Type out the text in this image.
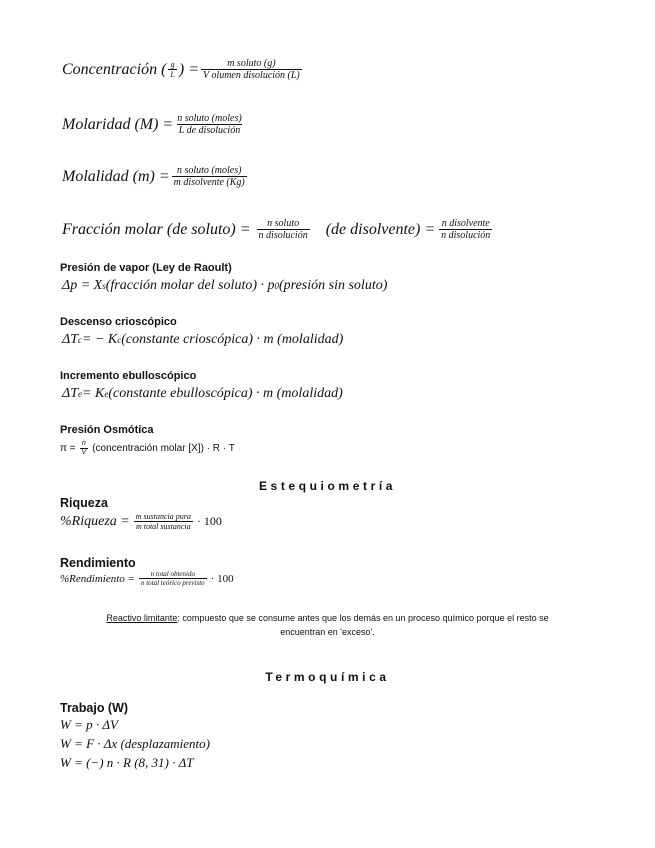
Concentración ( $\frac{g}{L}$ ) = $\frac{\text{m soluto (g)}}{\text{V olumen disolución (L)}}$
Molaridad $(M) = \frac{\text{n soluto (moles)}}{\text{L de disolución}}$
Molalidad $(m) = \frac{\text{n soluto (moles)}}{\text{m disolvente (Kg)}}$
Fracción molar (de soluto) = $\frac{\text{n soluto}}{\text{n disolución}} (de$ disolvente) = $\frac{\text{n disolvente}}{\text{n disolución}}$
Presión de vapor (Ley de Raoult)
Δp = X s (fracción molar del soluto) · p 0 (presión sin soluto)
Descenso crioscópico
ΔT c = − K c (constante crioscópica) · m (molalidad)
Incremento ebulloscópico
ΔT e = K e (constante ebulloscópica) · m (molalidad)
Presión Osmótica
$\pi = \frac{n}{V}$ (concentración molar [X]) · R · T
Estequiometría
Riqueza
%Riqueza = $\frac{\text{m sustancia pura}}{\text{m total sustancia}} \cdot 100$
Rendimiento
%Rendimiento = $\frac{\text{n total obtenido}}{\text{n total teórico previsto}} \cdot 100$
Reactivo limitante: compuesto que se consume antes que los demás en un proceso químico porque el resto se
encuentran en 'exceso'.
Termoquímica
Trabajo (W)
W = p · ΔV
W = F · Δx (desplazamiento)
W = (−) n · R (8, 31) · ΔT
